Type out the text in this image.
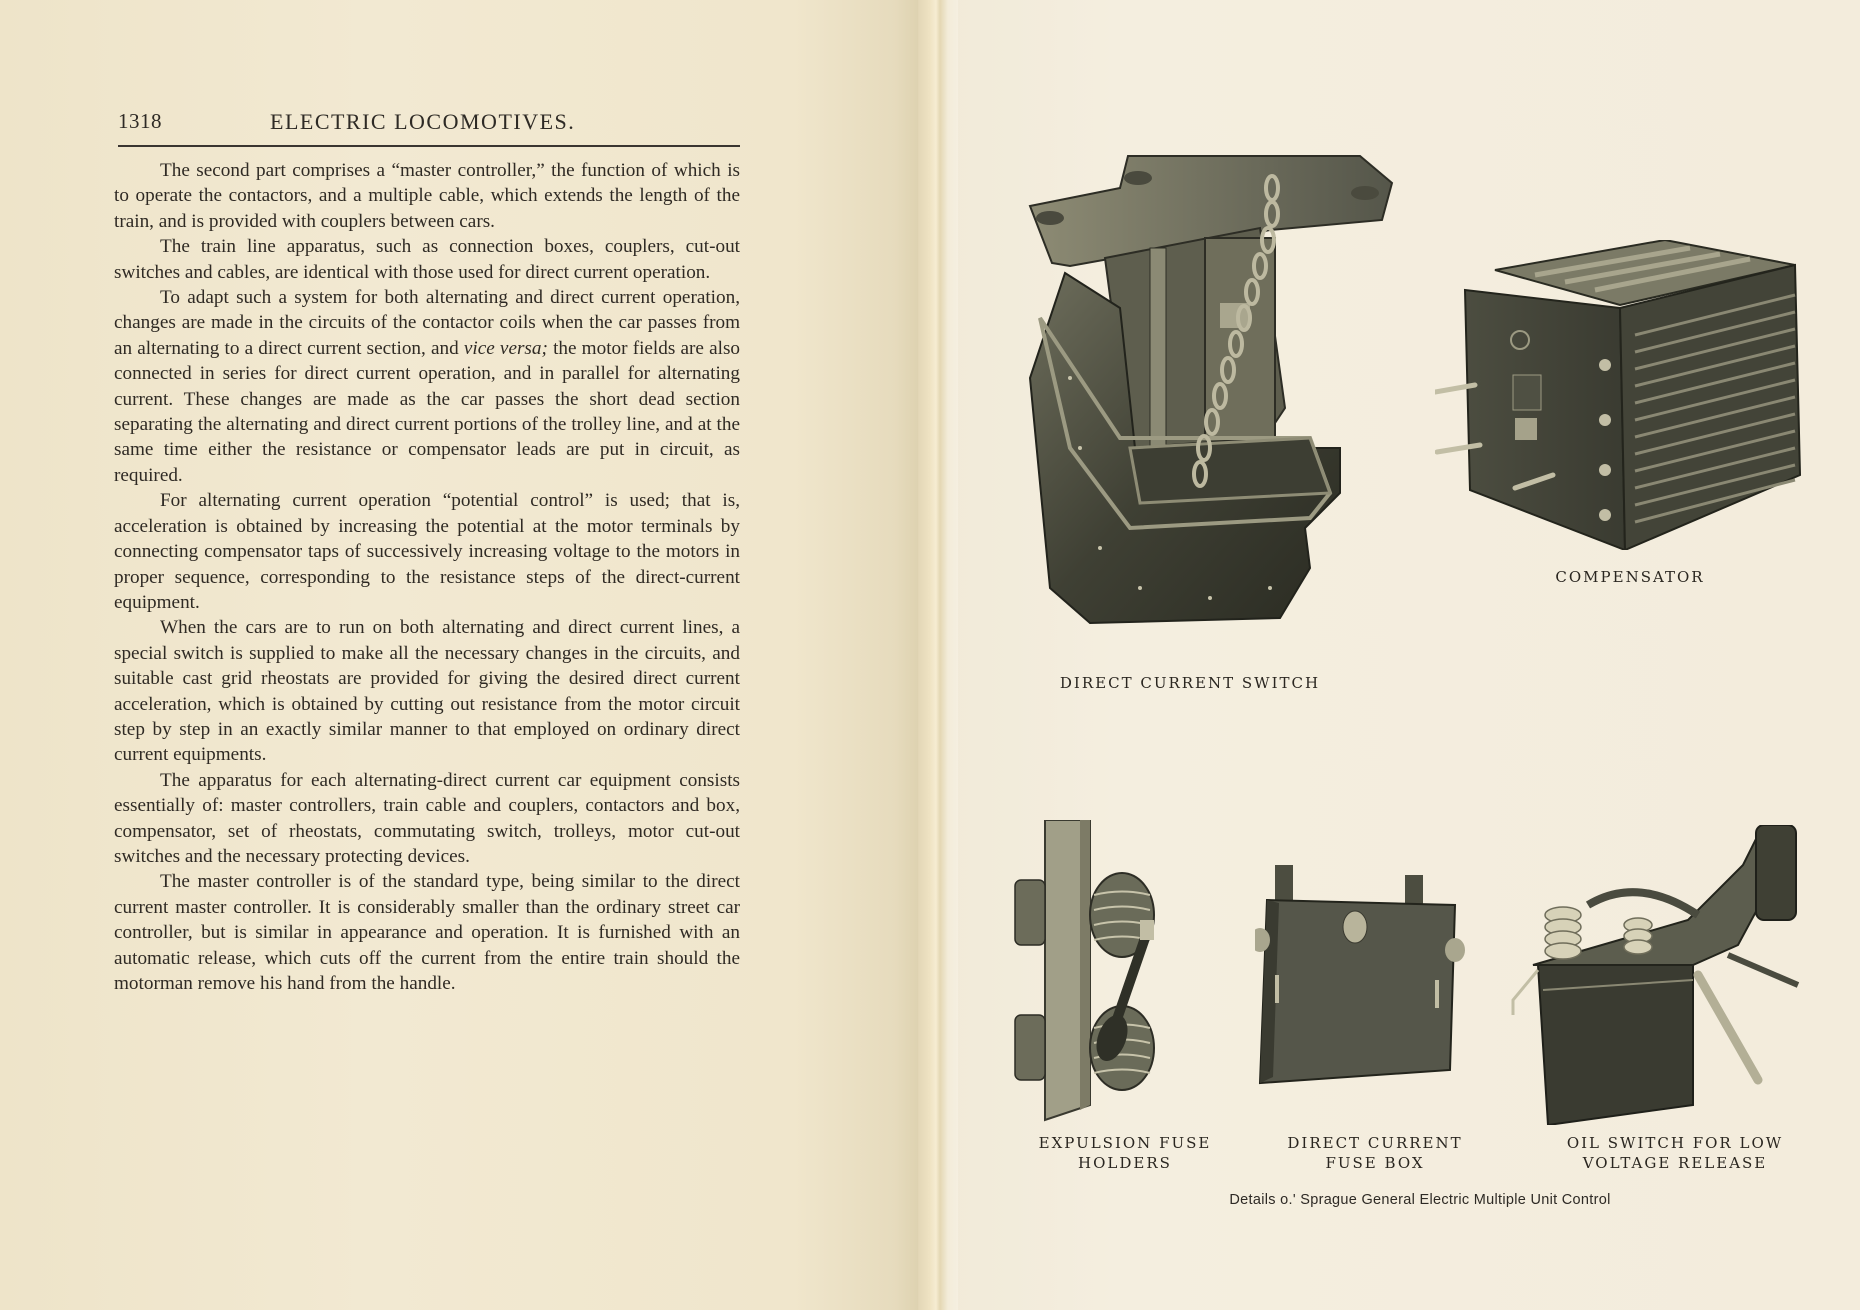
1318	ELECTRIC LOCOMOTIVES.

The second part comprises a “master controller,” the function of which is to operate the contactors, and a multiple cable, which extends the length of the train, and is provided with couplers between cars.

The train line apparatus, such as connection boxes, couplers, cut-out switches and cables, are identical with those used for direct current operation.

To adapt such a system for both alternating and direct current operation, changes are made in the circuits of the contactor coils when the car passes from an alternating to a direct current section, and vice versa; the motor fields are also connected in series for direct current operation, and in parallel for alternating current. These changes are made as the car passes the short dead section separating the alternating and direct current portions of the trolley line, and at the same time either the resistance or compensator leads are put in circuit, as required.

For alternating current operation “potential control” is used; that is, acceleration is obtained by increasing the potential at the motor terminals by connecting compensator taps of successively increasing voltage to the motors in proper sequence, corresponding to the resistance steps of the direct-current equipment.

When the cars are to run on both alternating and direct current lines, a special switch is supplied to make all the necessary changes in the circuits, and suitable cast grid rheostats are provided for giving the desired direct current acceleration, which is obtained by cutting out resistance from the motor circuit step by step in an exactly similar manner to that employed on ordinary direct current equipments.

The apparatus for each alternating-direct current car equipment consists essentially of: master controllers, train cable and couplers, contactors and box, compensator, set of rheostats, commutating switch, trolleys, motor cut-out switches and the necessary protecting devices.

The master controller is of the standard type, being similar to the direct current master controller. It is considerably smaller than the ordinary street car controller, but is similar in appearance and operation. It is furnished with an automatic release, which cuts off the current from the entire train should the motorman remove his hand from the handle.

DIRECT CURRENT SWITCH
COMPENSATOR
EXPULSION FUSE
HOLDERS
DIRECT CURRENT
FUSE BOX
OIL SWITCH FOR LOW
VOLTAGE RELEASE
Details o.' Sprague General Electric Multiple Unit Control
